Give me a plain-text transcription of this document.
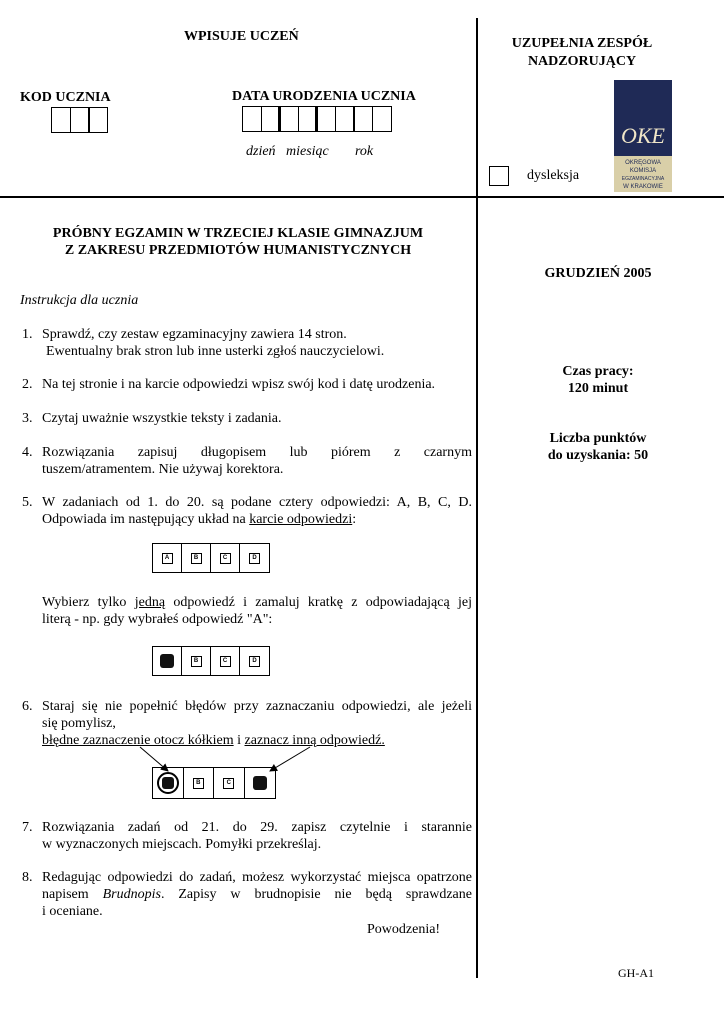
WPISUJE UCZEŃ
KOD UCZNIA	DATA URODZENIA UCZNIA
dzień miesiąc rok
UZUPEŁNIA ZESPÓŁ
NADZORUJĄCY
OKE
OKRĘGOWA
KOMISJA
EGZAMINACYJNA
W KRAKOWIE
dysleksja
PRÓBNY EGZAMIN W TRZECIEJ KLASIE GIMNAZJUM
Z ZAKRESU PRZEDMIOTÓW HUMANISTYCZNYCH
GRUDZIEŃ 2005
Czas pracy:
120 minut
Liczba punktów
do uzyskania: 50
Instrukcja dla ucznia
1. Sprawdź, czy zestaw egzaminacyjny zawiera 14 stron.
Ewentualny brak stron lub inne usterki zgłoś nauczycielowi.
2. Na tej stronie i na karcie odpowiedzi wpisz swój kod i datę urodzenia.
3. Czytaj uważnie wszystkie teksty i zadania.
4. Rozwiązania zapisuj długopisem lub piórem z czarnym
tuszem/atramentem. Nie używaj korektora.
5. W zadaniach od 1. do 20. są podane cztery odpowiedzi: A, B, C, D.
Odpowiada im następujący układ na karcie odpowiedzi:
A	B	C	D
Wybierz tylko jedną odpowiedź i zamaluj kratkę z odpowiadającą jej
literą - np. gdy wybrałeś odpowiedź "A":
B	C	D
6. Staraj się nie popełnić błędów przy zaznaczaniu odpowiedzi, ale jeżeli
się pomylisz,
błędne zaznaczenie otocz kółkiem i zaznacz inną odpowiedź.
B	C
7. Rozwiązania zadań od 21. do 29. zapisz czytelnie i starannie
w wyznaczonych miejscach. Pomyłki przekreślaj.
8. Redagując odpowiedzi do zadań, możesz wykorzystać miejsca opatrzone
napisem Brudnopis. Zapisy w brudnopisie nie będą sprawdzane
i oceniane.
Powodzenia!
GH-A1
